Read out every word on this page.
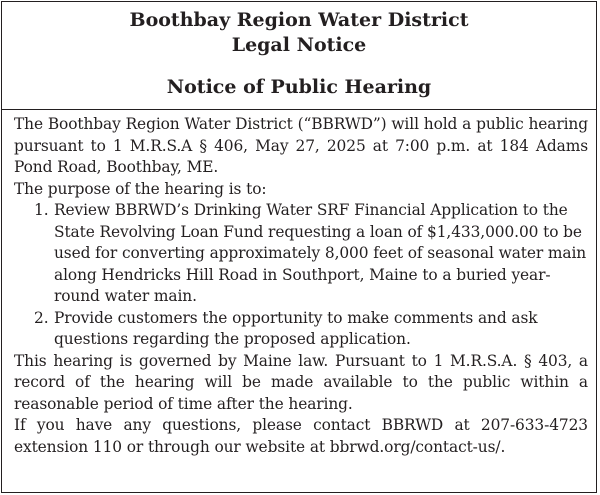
Boothbay Region Water District
Legal Notice
Notice of Public Hearing
The Boothbay Region Water District (“BBRWD”) will hold a public hearing pursuant to 1 M.R.S.A § 406, May 27, 2025 at 7:00 p.m. at 184 Adams Pond Road, Boothbay, ME.
The purpose of the hearing is to:
1. Review BBRWD’s Drinking Water SRF Financial Application to the State Revolving Loan Fund requesting a loan of $1,433,000.00 to be used for converting approximately 8,000 feet of seasonal water main along Hendricks Hill Road in Southport, Maine to a buried year-round water main.
2. Provide customers the opportunity to make comments and ask questions regarding the proposed application.
This hearing is governed by Maine law. Pursuant to 1 M.R.S.A. § 403, a record of the hearing will be made available to the public within a reasonable period of time after the hearing.
If you have any questions, please contact BBRWD at 207-633-4723 extension 110 or through our website at bbrwd.org/contact-us/.
